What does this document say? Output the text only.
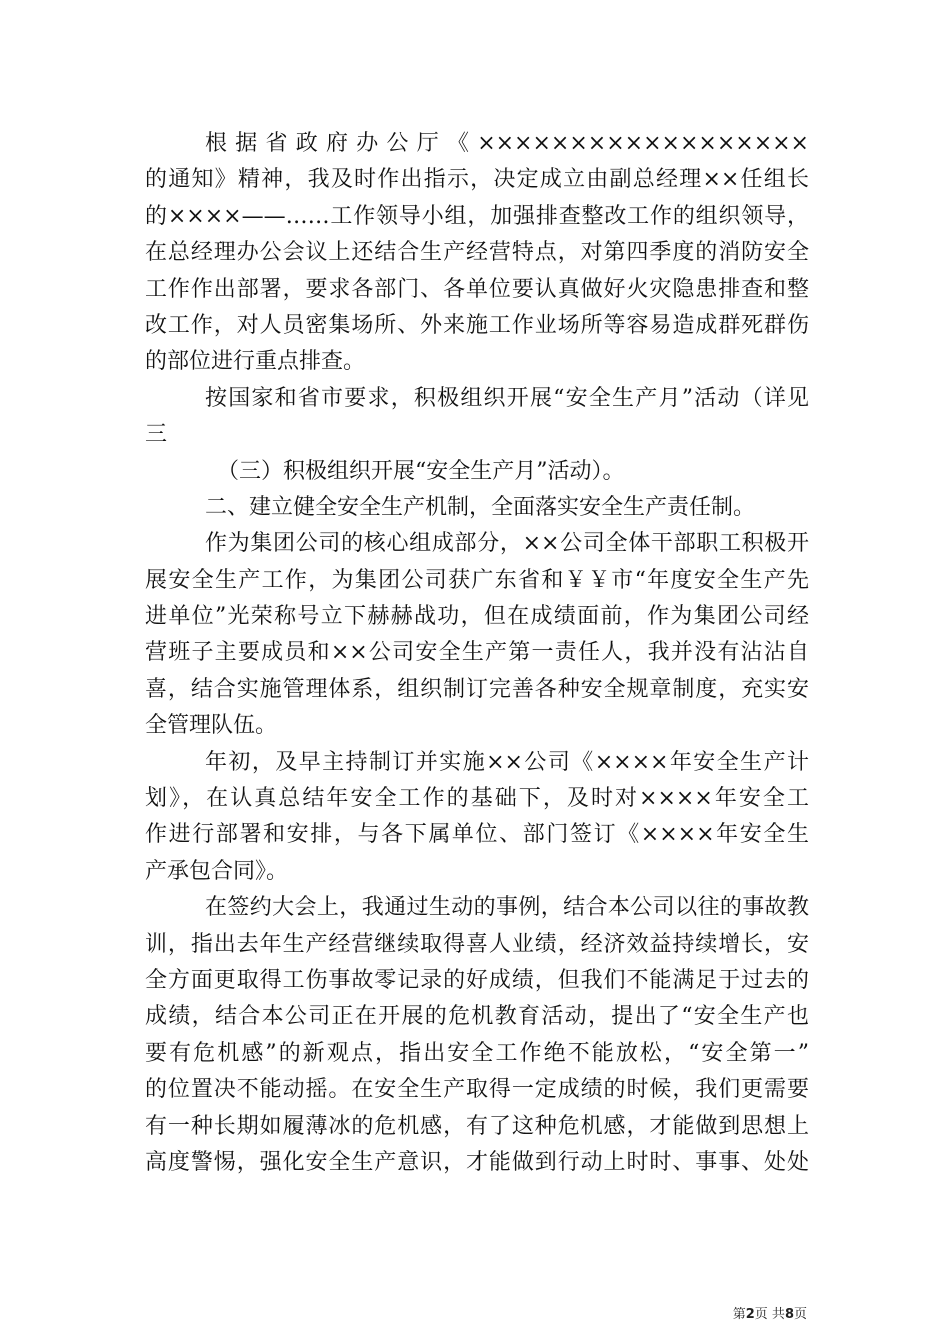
根据省政府办公厅《××××××××××××××××××
的通知》精神，我及时作出指示，决定成立由副总经理××任组长
的××××——……工作领导小组，加强排查整改工作的组织领导，
在总经理办公会议上还结合生产经营特点，对第四季度的消防安全
工作作出部署，要求各部门、各单位要认真做好火灾隐患排查和整
改工作，对人员密集场所、外来施工作业场所等容易造成群死群伤
的部位进行重点排查。
按国家和省市要求，积极组织开展“安全生产月”活动（详见
三
（三）积极组织开展“安全生产月”活动）。
二、建立健全安全生产机制，全面落实安全生产责任制。
作为集团公司的核心组成部分，××公司全体干部职工积极开
展安全生产工作，为集团公司获广东省和￥￥市“年度安全生产先
进单位”光荣称号立下赫赫战功，但在成绩面前，作为集团公司经
营班子主要成员和××公司安全生产第一责任人，我并没有沾沾自
喜，结合实施管理体系，组织制订完善各种安全规章制度，充实安
全管理队伍。
年初，及早主持制订并实施××公司《××××年安全生产计
划》，在认真总结年安全工作的基础下，及时对××××年安全工
作进行部署和安排，与各下属单位、部门签订《××××年安全生
产承包合同》。
在签约大会上，我通过生动的事例，结合本公司以往的事故教
训，指出去年生产经营继续取得喜人业绩，经济效益持续增长，安
全方面更取得工伤事故零记录的好成绩，但我们不能满足于过去的
成绩，结合本公司正在开展的危机教育活动，提出了“安全生产也
要有危机感”的新观点，指出安全工作绝不能放松，“安全第一”
的位置决不能动摇。在安全生产取得一定成绩的时候，我们更需要
有一种长期如履薄冰的危机感，有了这种危机感，才能做到思想上
高度警惕，强化安全生产意识，才能做到行动上时时、事事、处处
第2页 共8页
